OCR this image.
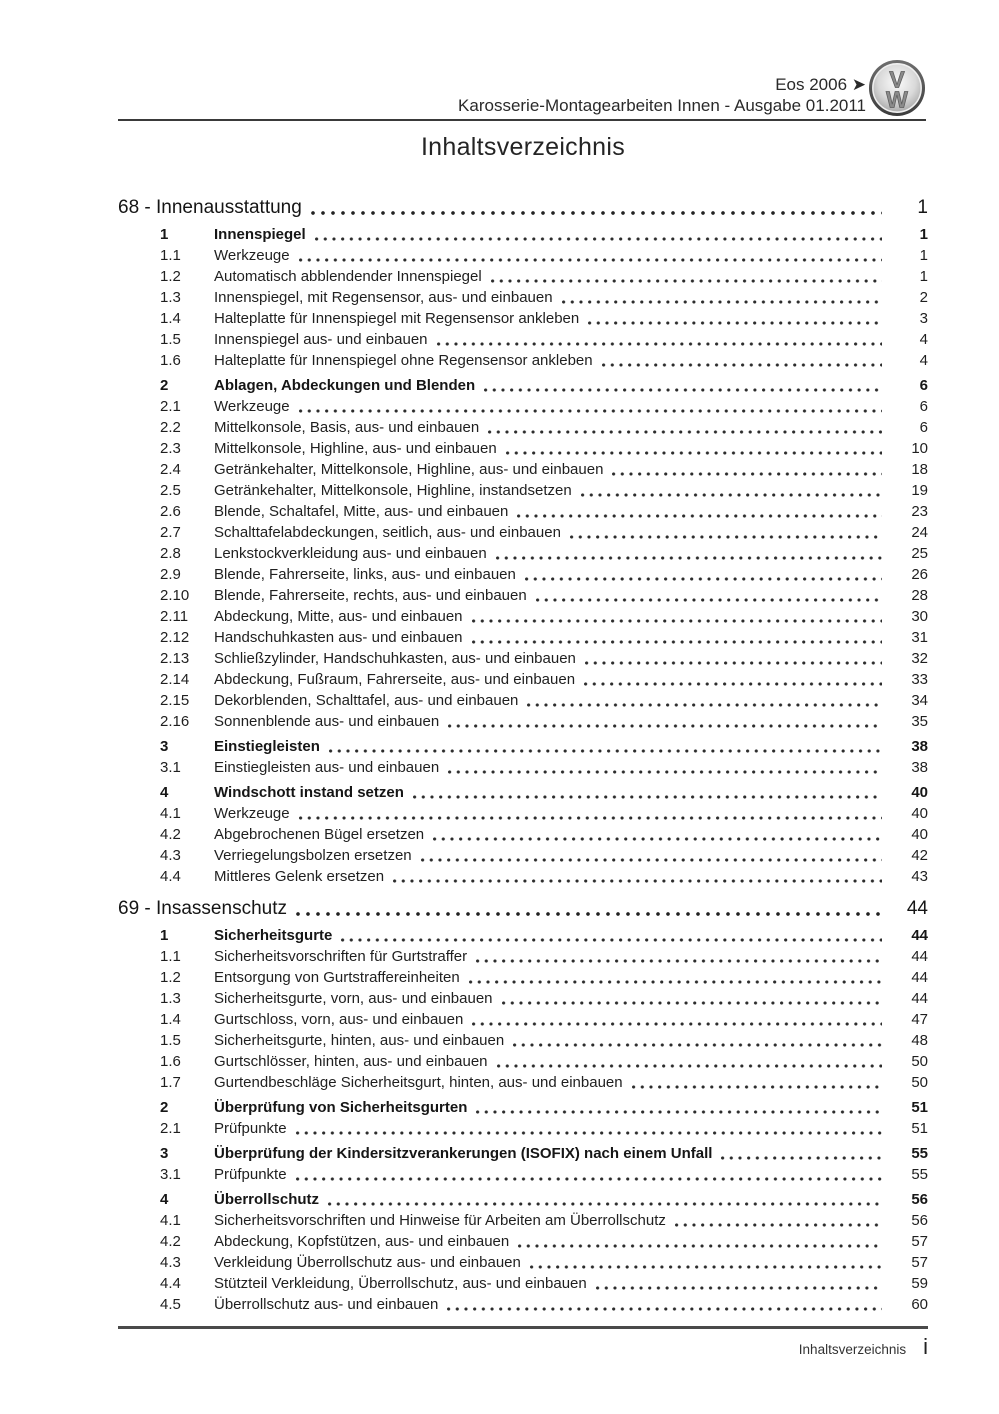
Eos 2006 ➤
Karosserie-Montagearbeiten Innen - Ausgabe 01.2011
V
W
Inhaltsverzeichnis
68 - Innenausstattung	1
1	Innenspiegel	1
1.1	Werkzeuge	1
1.2	Automatisch abblendender Innenspiegel	1
1.3	Innenspiegel, mit Regensensor, aus- und einbauen	2
1.4	Halteplatte für Innenspiegel mit Regensensor ankleben	3
1.5	Innenspiegel aus- und einbauen	4
1.6	Halteplatte für Innenspiegel ohne Regensensor ankleben	4
2	Ablagen, Abdeckungen und Blenden	6
2.1	Werkzeuge	6
2.2	Mittelkonsole, Basis, aus- und einbauen	6
2.3	Mittelkonsole, Highline, aus- und einbauen	10
2.4	Getränkehalter, Mittelkonsole, Highline, aus- und einbauen	18
2.5	Getränkehalter, Mittelkonsole, Highline, instandsetzen	19
2.6	Blende, Schaltafel, Mitte, aus- und einbauen	23
2.7	Schalttafelabdeckungen, seitlich, aus- und einbauen	24
2.8	Lenkstockverkleidung aus- und einbauen	25
2.9	Blende, Fahrerseite, links, aus- und einbauen	26
2.10	Blende, Fahrerseite, rechts, aus- und einbauen	28
2.11	Abdeckung, Mitte, aus- und einbauen	30
2.12	Handschuhkasten aus- und einbauen	31
2.13	Schließzylinder, Handschuhkasten, aus- und einbauen	32
2.14	Abdeckung, Fußraum, Fahrerseite, aus- und einbauen	33
2.15	Dekorblenden, Schalttafel, aus- und einbauen	34
2.16	Sonnenblende aus- und einbauen	35
3	Einstiegleisten	38
3.1	Einstiegleisten aus- und einbauen	38
4	Windschott instand setzen	40
4.1	Werkzeuge	40
4.2	Abgebrochenen Bügel ersetzen	40
4.3	Verriegelungsbolzen ersetzen	42
4.4	Mittleres Gelenk ersetzen	43
69 - Insassenschutz	44
1	Sicherheitsgurte	44
1.1	Sicherheitsvorschriften für Gurtstraffer	44
1.2	Entsorgung von Gurtstraffereinheiten	44
1.3	Sicherheitsgurte, vorn, aus- und einbauen	44
1.4	Gurtschloss, vorn, aus- und einbauen	47
1.5	Sicherheitsgurte, hinten, aus- und einbauen	48
1.6	Gurtschlösser, hinten, aus- und einbauen	50
1.7	Gurtendbeschläge Sicherheitsgurt, hinten, aus- und einbauen	50
2	Überprüfung von Sicherheitsgurten	51
2.1	Prüfpunkte	51
3	Überprüfung der Kindersitzverankerungen (ISOFIX) nach einem Unfall	55
3.1	Prüfpunkte	55
4	Überrollschutz	56
4.1	Sicherheitsvorschriften und Hinweise für Arbeiten am Überrollschutz	56
4.2	Abdeckung, Kopfstützen, aus- und einbauen	57
4.3	Verkleidung Überrollschutz aus- und einbauen	57
4.4	Stützteil Verkleidung, Überrollschutz, aus- und einbauen	59
4.5	Überrollschutz aus- und einbauen	60
Inhaltsverzeichnis i
